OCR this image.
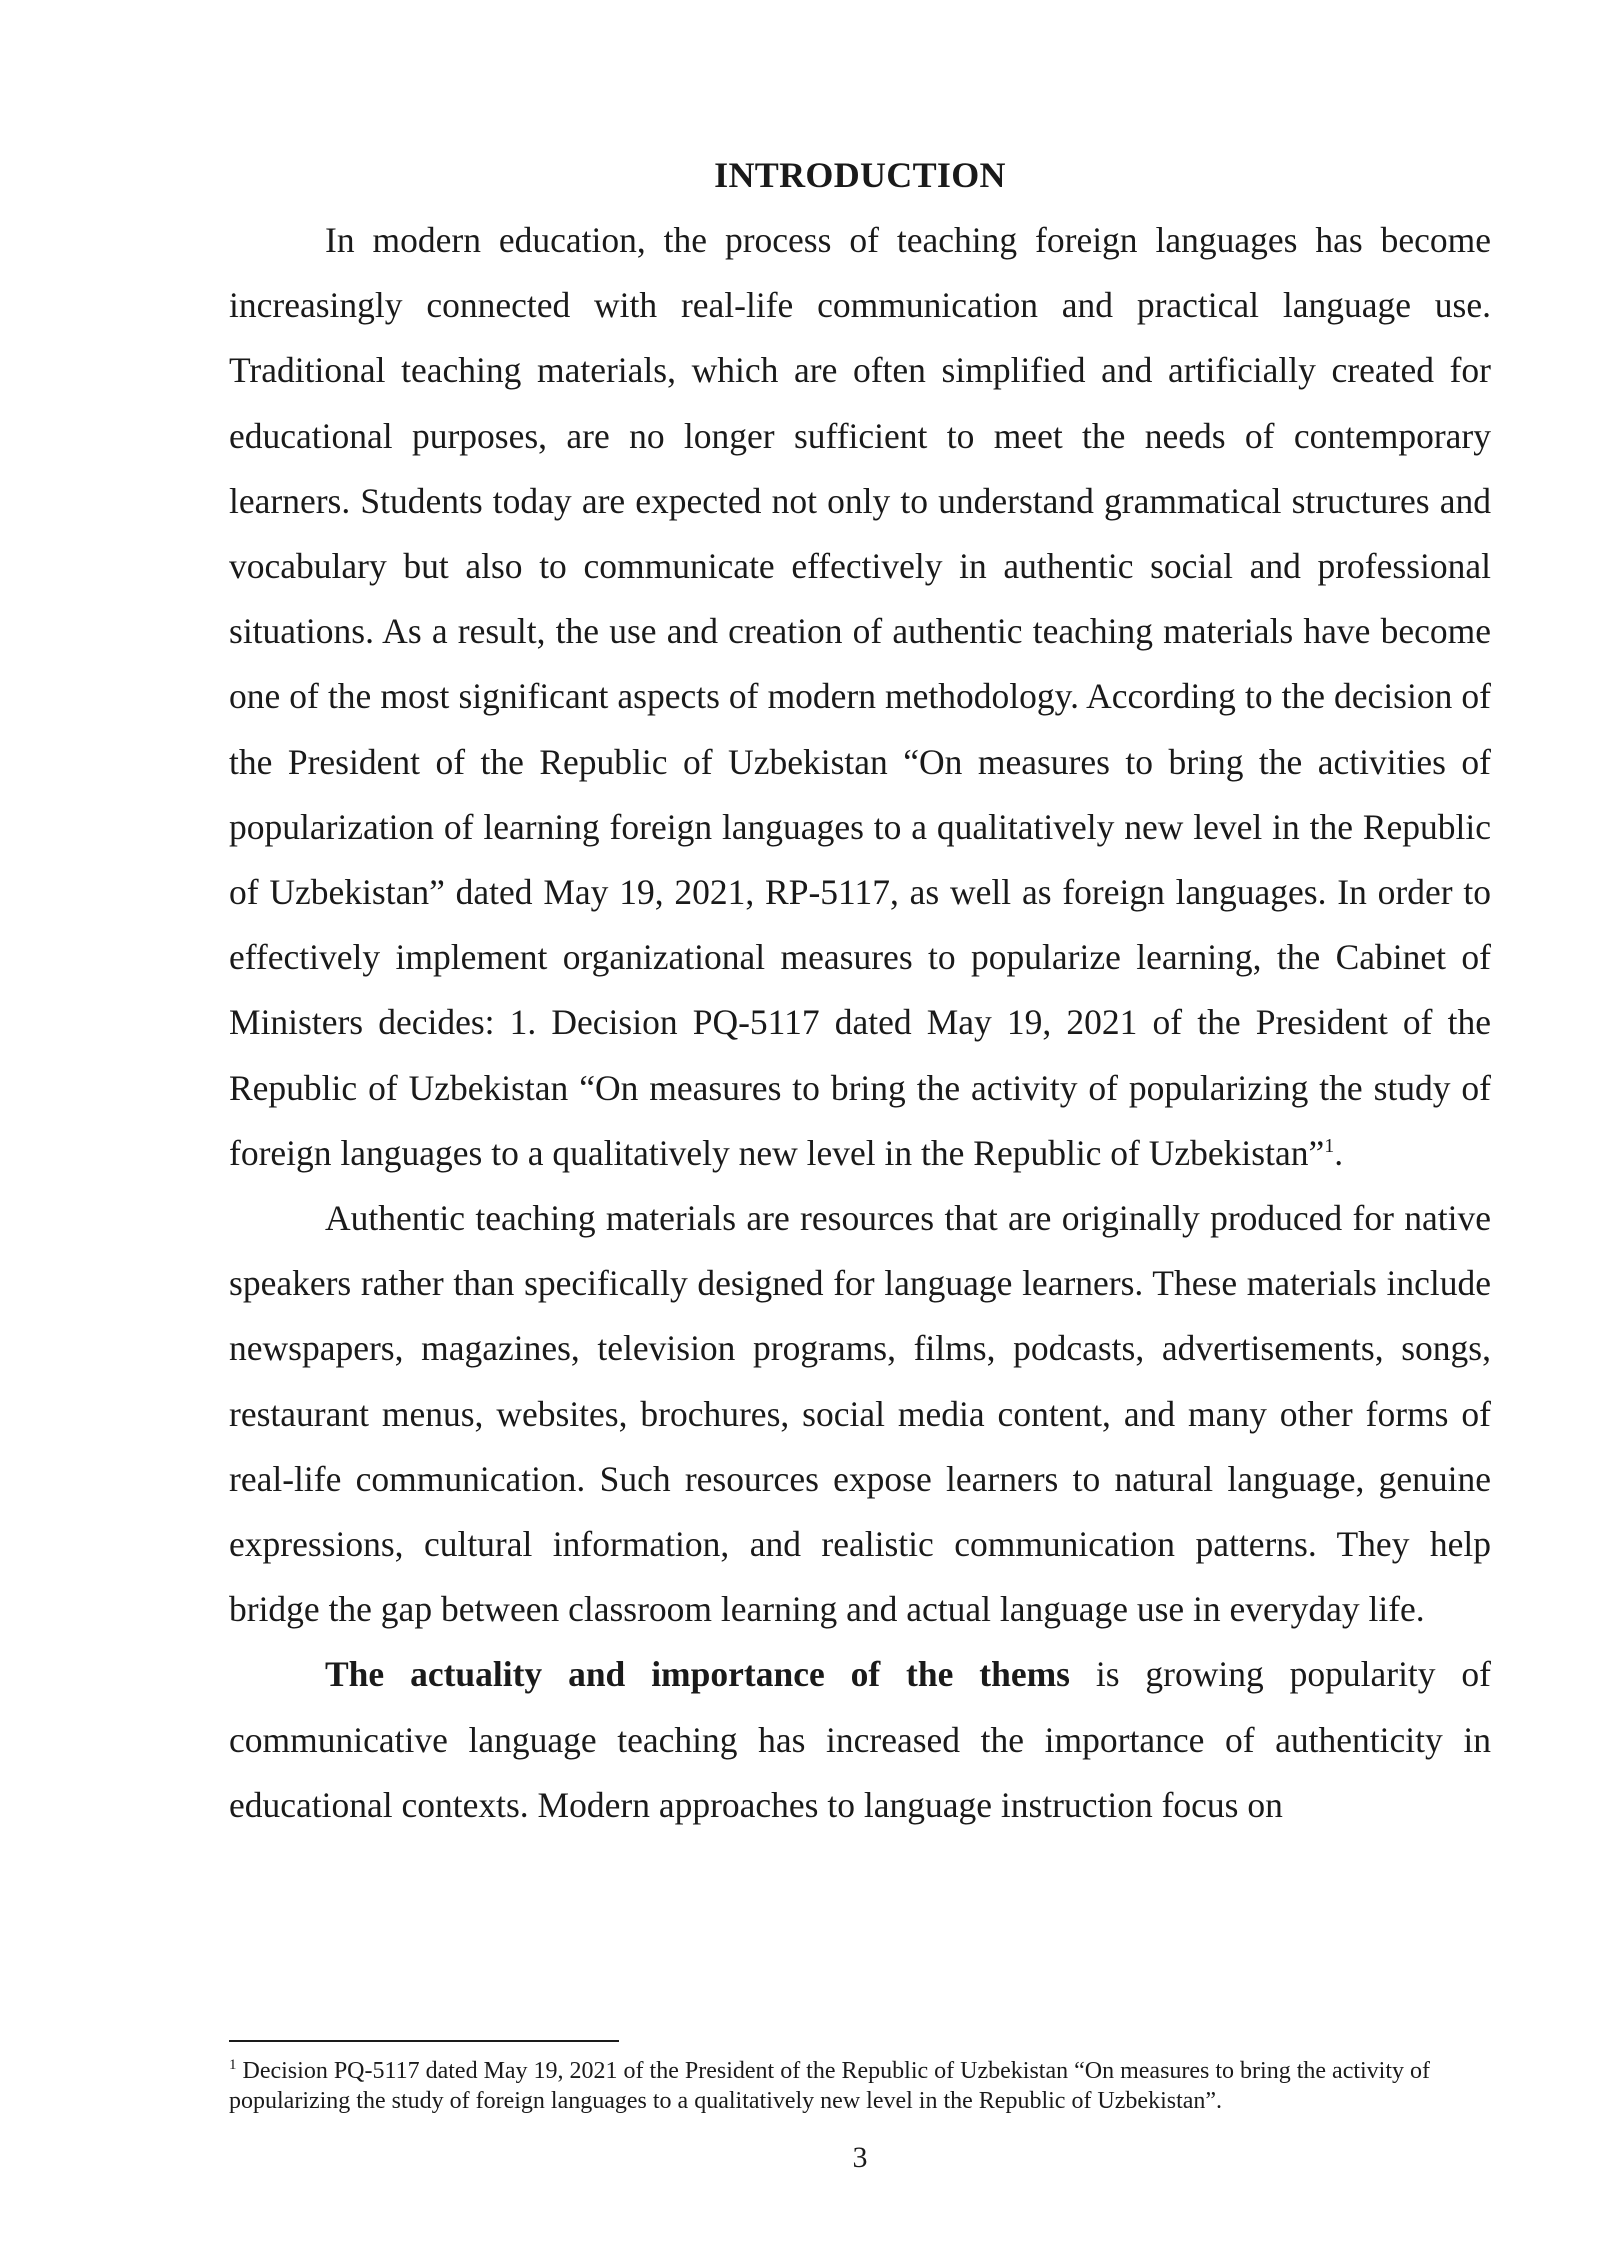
INTRODUCTION

In modern education, the process of teaching foreign languages has become increasingly connected with real-life communication and practical language use. Traditional teaching materials, which are often simplified and artificially created for educational purposes, are no longer sufficient to meet the needs of contemporary learners. Students today are expected not only to understand grammatical structures and vocabulary but also to communicate effectively in authentic social and professional situations. As a result, the use and creation of authentic teaching materials have become one of the most significant aspects of modern methodology. According to the decision of the President of the Republic of Uzbekistan “On measures to bring the activities of popularization of learning foreign languages to a qualitatively new level in the Republic of Uzbekistan” dated May 19, 2021, RP-5117, as well as foreign languages. In order to effectively implement organizational measures to popularize learning, the Cabinet of Ministers decides: 1. Decision PQ-5117 dated May 19, 2021 of the President of the Republic of Uzbekistan “On measures to bring the activity of popularizing the study of foreign languages to a qualitatively new level in the Republic of Uzbekistan”$^1$.

Authentic teaching materials are resources that are originally produced for native speakers rather than specifically designed for language learners. These materials include newspapers, magazines, television programs, films, podcasts, advertisements, songs, restaurant menus, websites, brochures, social media content, and many other forms of real-life communication. Such resources expose learners to natural language, genuine expressions, cultural information, and realistic communication patterns. They help bridge the gap between classroom learning and actual language use in everyday life.

The actuality and importance of the thems is growing popularity of communicative language teaching has increased the importance of authenticity in educational contexts. Modern approaches to language instruction focus on

$^1$ Decision PQ-5117 dated May 19, 2021 of the President of the Republic of Uzbekistan “On measures to bring the activity of popularizing the study of foreign languages to a qualitatively new level in the Republic of Uzbekistan”.

3
